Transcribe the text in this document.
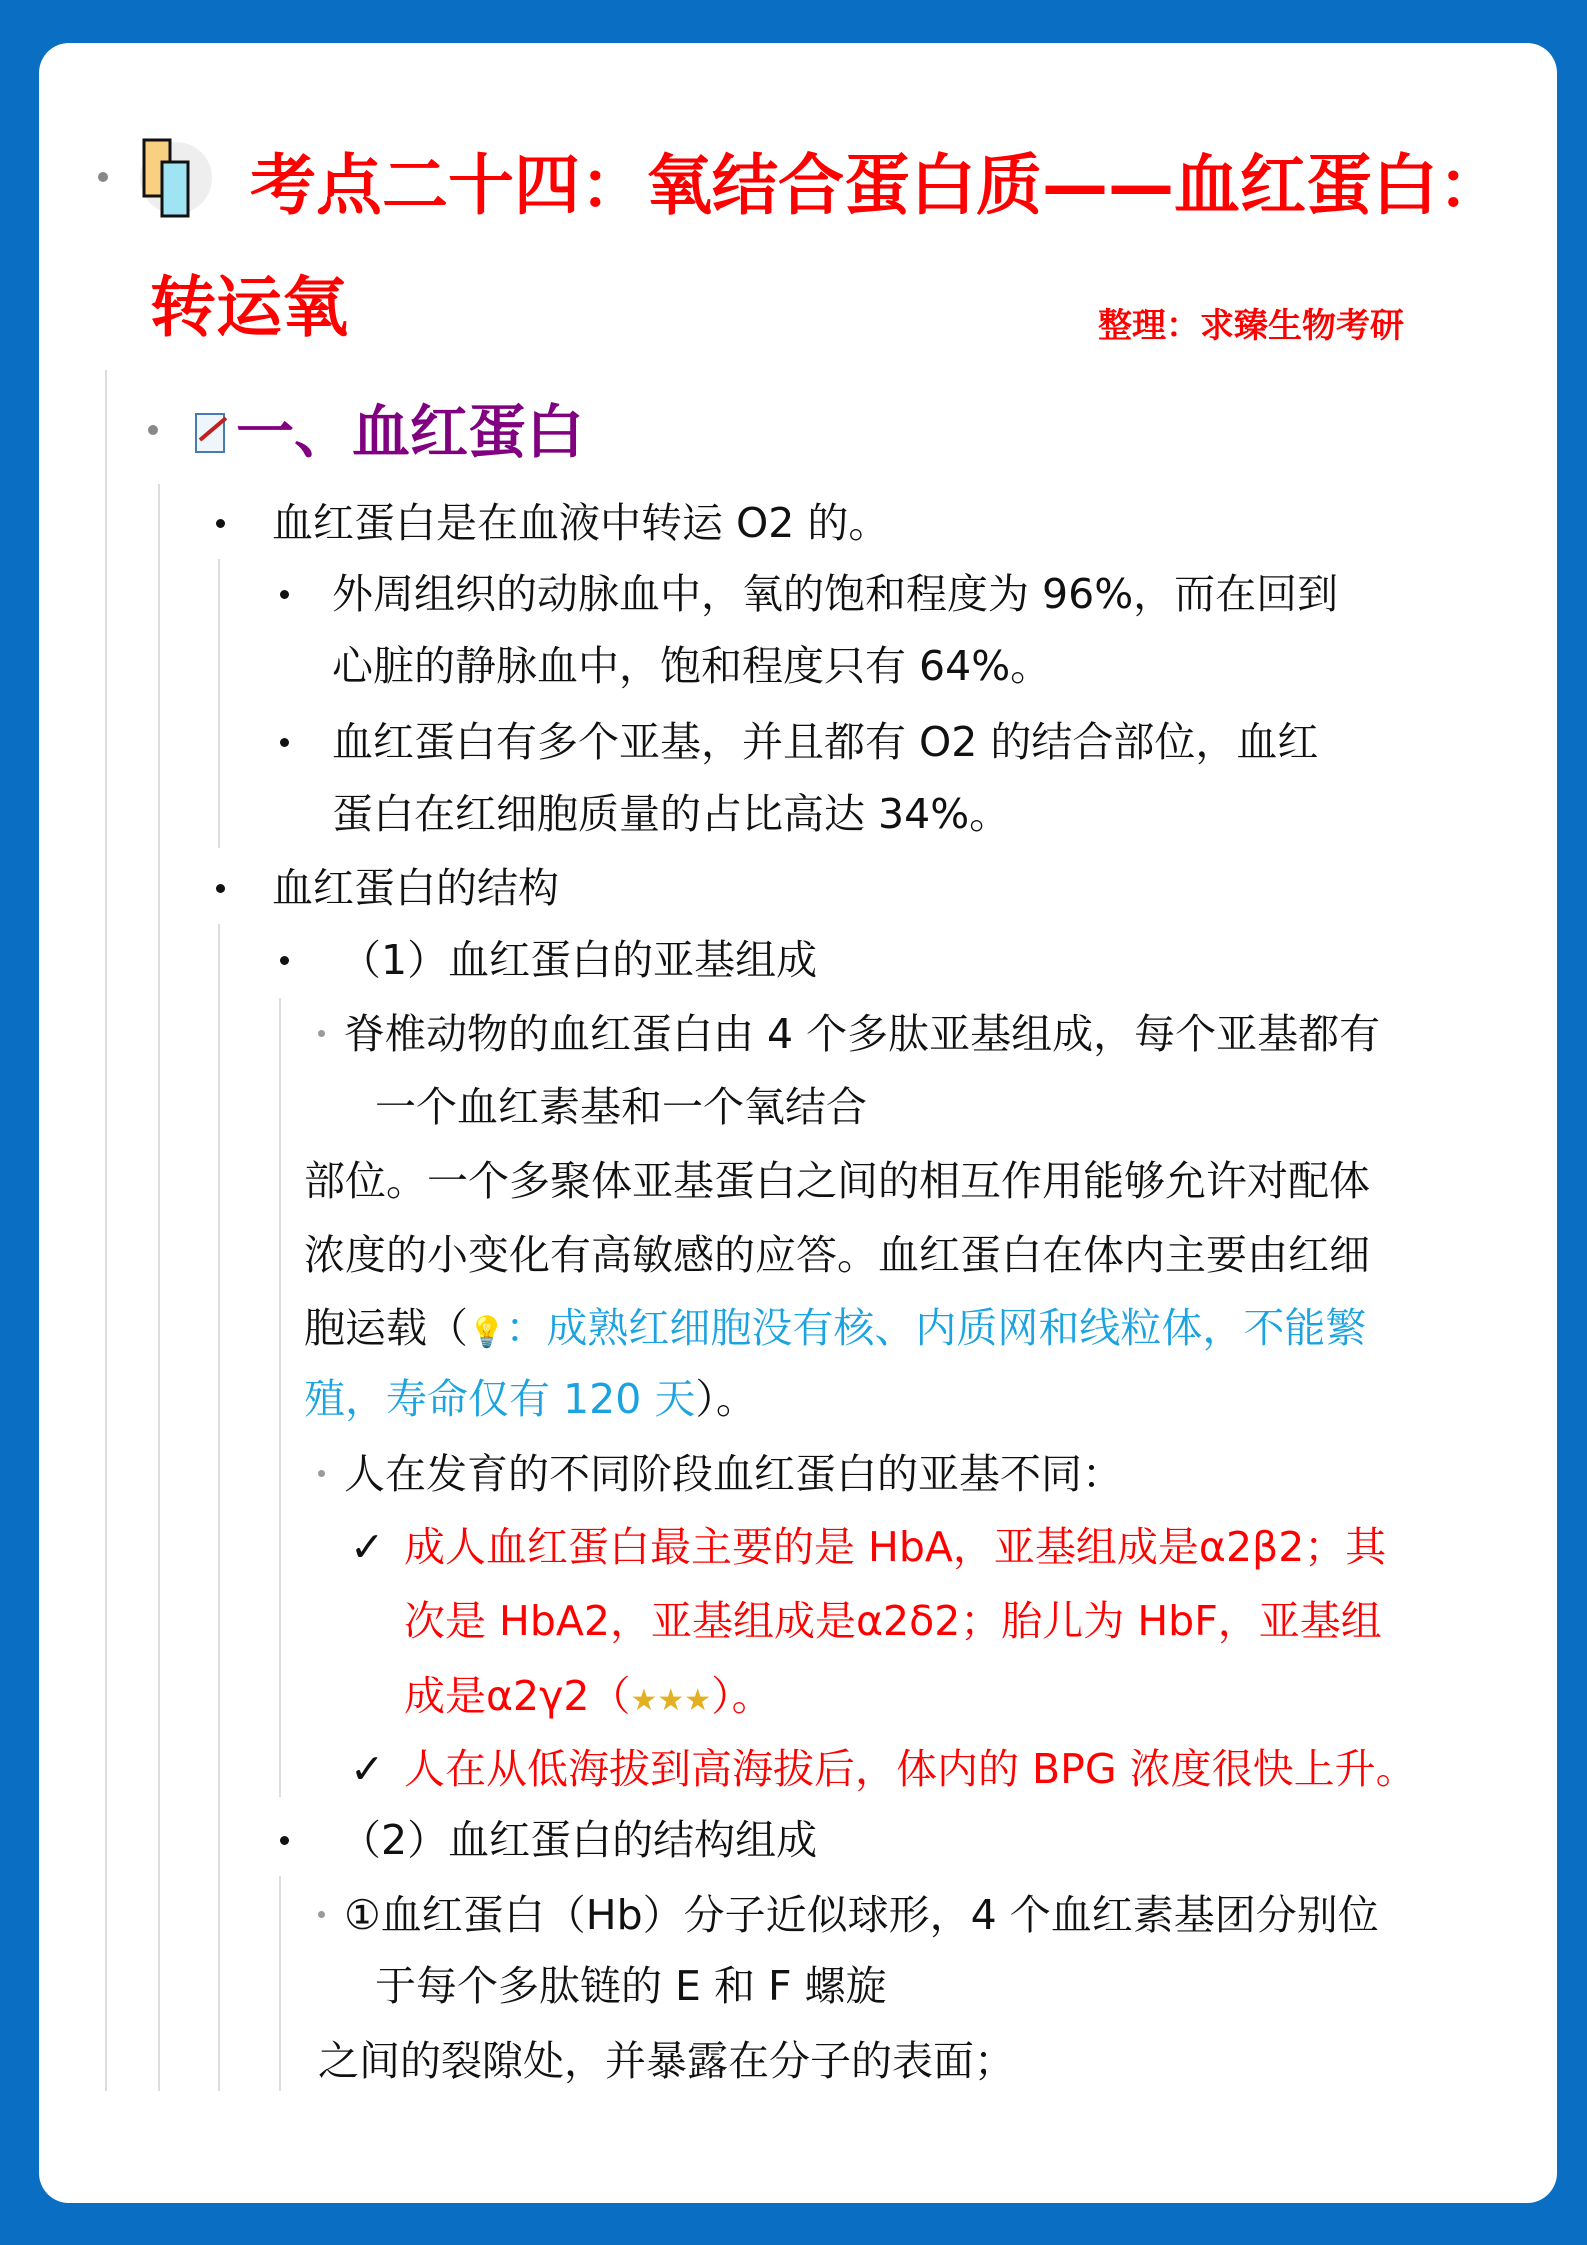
考点二十四：氧结合蛋白质——血红蛋白：
转运氧	整理：求臻生物考研
一、血红蛋白
血红蛋白是在血液中转运 O2 的。
外周组织的动脉血中，氧的饱和程度为 96%，而在回到
心脏的静脉血中，饱和程度只有 64%。
血红蛋白有多个亚基，并且都有 O2 的结合部位，血红
蛋白在红细胞质量的占比高达 34%。
血红蛋白的结构
（1）血红蛋白的亚基组成
脊椎动物的血红蛋白由 4 个多肽亚基组成，每个亚基都有
一个血红素基和一个氧结合
部位。一个多聚体亚基蛋白之间的相互作用能够允许对配体
浓度的小变化有高敏感的应答。血红蛋白在体内主要由红细
胞运载（💡：成熟红细胞没有核、内质网和线粒体，不能繁
殖，寿命仅有 120 天）。
人在发育的不同阶段血红蛋白的亚基不同：
✓ 成人血红蛋白最主要的是 HbA，亚基组成是α2β2；其
次是 HbA2，亚基组成是α2δ2；胎儿为 HbF，亚基组
成是α2γ2（★★★）。
✓ 人在从低海拔到高海拔后，体内的 BPG 浓度很快上升。
（2）血红蛋白的结构组成
①血红蛋白（Hb）分子近似球形，4 个血红素基团分别位
于每个多肽链的 E 和 F 螺旋
之间的裂隙处，并暴露在分子的表面；
